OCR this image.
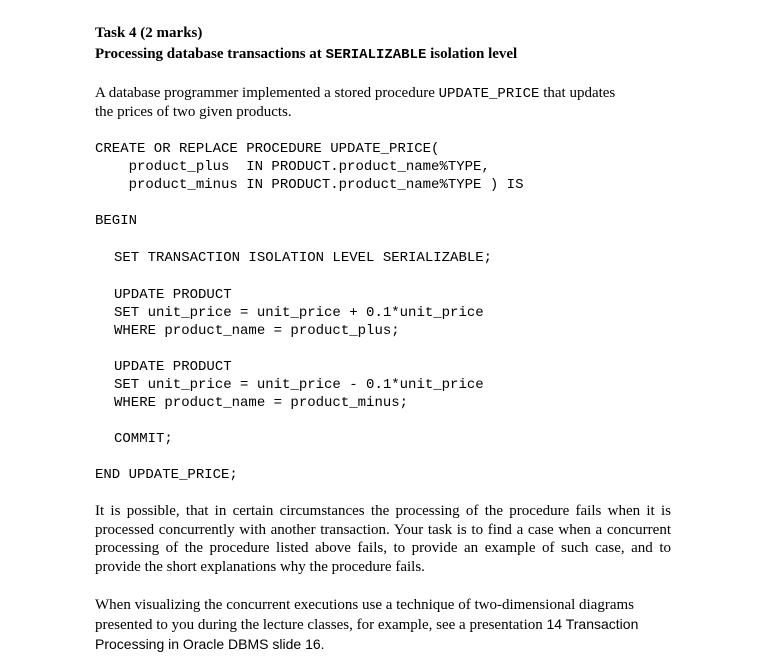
Task 4 (2 marks)
Processing database transactions at SERIALIZABLE isolation level
A database programmer implemented a stored procedure UPDATE_PRICE that updates
the prices of two given products.
CREATE OR REPLACE PROCEDURE UPDATE_PRICE(
product_plus  IN PRODUCT.product_name%TYPE,
product_minus IN PRODUCT.product_name%TYPE ) IS
BEGIN
SET TRANSACTION ISOLATION LEVEL SERIALIZABLE;
UPDATE PRODUCT
SET unit_price = unit_price + 0.1*unit_price
WHERE product_name = product_plus;
UPDATE PRODUCT
SET unit_price = unit_price - 0.1*unit_price
WHERE product_name = product_minus;
COMMIT;
END UPDATE_PRICE;
It is possible, that in certain circumstances the processing of the procedure fails when it is processed concurrently with another transaction. Your task is to find a case when a concurrent processing of the procedure listed above fails, to provide an example of such case, and to provide the short explanations why the procedure fails.
When visualizing the concurrent executions use a technique of two-dimensional diagrams presented to you during the lecture classes, for example, see a presentation 14 Transaction Processing in Oracle DBMS slide 16.
